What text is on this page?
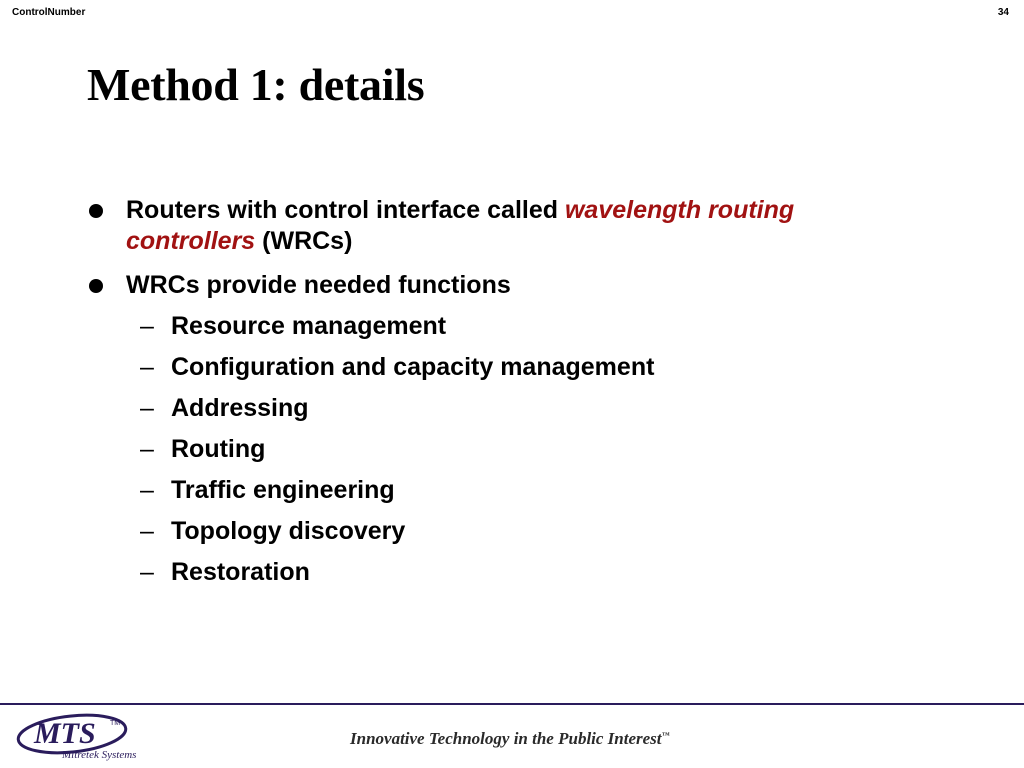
ControlNumber	34
Method 1: details
Routers with control interface called wavelength routing
controllers (WRCs)
WRCs provide needed functions
– Resource management
– Configuration and capacity management
– Addressing
– Routing
– Traffic engineering
– Topology discovery
– Restoration
MTS TM
Mitretek Systems
Innovative Technology in the Public Interest™
